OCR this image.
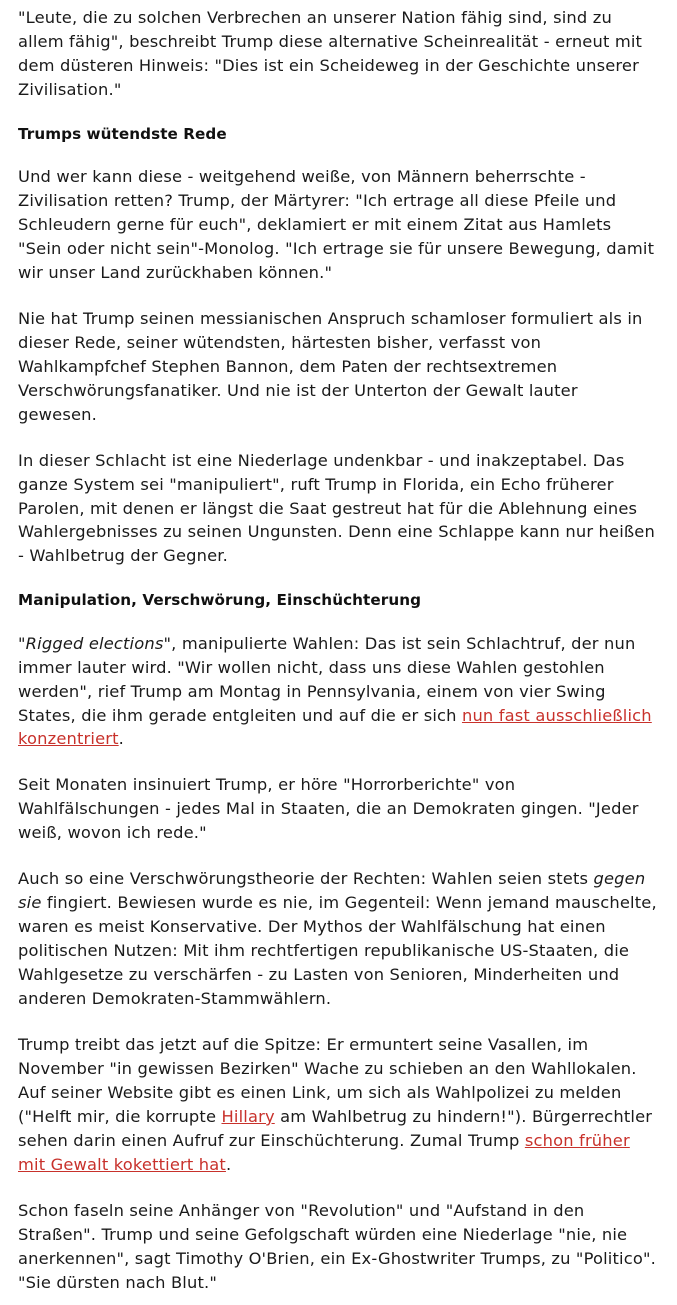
"Leute, die zu solchen Verbrechen an unserer Nation fähig sind, sind zu allem fähig", beschreibt Trump diese alternative Scheinrealität - erneut mit dem düsteren Hinweis: "Dies ist ein Scheideweg in der Geschichte unserer Zivilisation."

Trumps wütendste Rede

Und wer kann diese - weitgehend weiße, von Männern beherrschte - Zivilisation retten? Trump, der Märtyrer: "Ich ertrage all diese Pfeile und Schleudern gerne für euch", deklamiert er mit einem Zitat aus Hamlets "Sein oder nicht sein"-Monolog. "Ich ertrage sie für unsere Bewegung, damit wir unser Land zurückhaben können."

Nie hat Trump seinen messianischen Anspruch schamloser formuliert als in dieser Rede, seiner wütendsten, härtesten bisher, verfasst von Wahlkampfchef Stephen Bannon, dem Paten der rechtsextremen Verschwörungsfanatiker. Und nie ist der Unterton der Gewalt lauter gewesen.

In dieser Schlacht ist eine Niederlage undenkbar - und inakzeptabel. Das ganze System sei "manipuliert", ruft Trump in Florida, ein Echo früherer Parolen, mit denen er längst die Saat gestreut hat für die Ablehnung eines Wahlergebnisses zu seinen Ungunsten. Denn eine Schlappe kann nur heißen - Wahlbetrug der Gegner.

Manipulation, Verschwörung, Einschüchterung

"Rigged elections", manipulierte Wahlen: Das ist sein Schlachtruf, der nun immer lauter wird. "Wir wollen nicht, dass uns diese Wahlen gestohlen werden", rief Trump am Montag in Pennsylvania, einem von vier Swing States, die ihm gerade entgleiten und auf die er sich nun fast ausschließlich konzentriert.

Seit Monaten insinuiert Trump, er höre "Horrorberichte" von Wahlfälschungen - jedes Mal in Staaten, die an Demokraten gingen. "Jeder weiß, wovon ich rede."

Auch so eine Verschwörungstheorie der Rechten: Wahlen seien stets gegen sie fingiert. Bewiesen wurde es nie, im Gegenteil: Wenn jemand mauschelte, waren es meist Konservative. Der Mythos der Wahlfälschung hat einen politischen Nutzen: Mit ihm rechtfertigen republikanische US-Staaten, die Wahlgesetze zu verschärfen - zu Lasten von Senioren, Minderheiten und anderen Demokraten-Stammwählern.

Trump treibt das jetzt auf die Spitze: Er ermuntert seine Vasallen, im November "in gewissen Bezirken" Wache zu schieben an den Wahllokalen. Auf seiner Website gibt es einen Link, um sich als Wahlpolizei zu melden ("Helft mir, die korrupte Hillary am Wahlbetrug zu hindern!"). Bürgerrechtler sehen darin einen Aufruf zur Einschüchterung. Zumal Trump schon früher mit Gewalt kokettiert hat.

Schon faseln seine Anhänger von "Revolution" und "Aufstand in den Straßen". Trump und seine Gefolgschaft würden eine Niederlage "nie, nie anerkennen", sagt Timothy O'Brien, ein Ex-Ghostwriter Trumps, zu "Politico". "Sie dürsten nach Blut."
